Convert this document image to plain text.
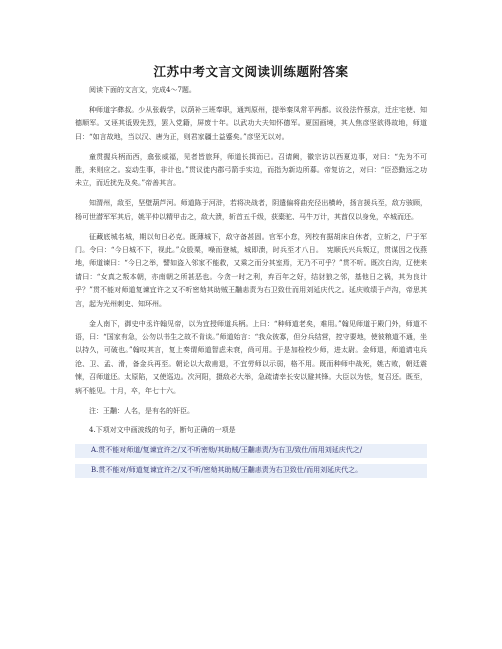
江苏中考文言文阅读训练题附答案

阅读下面的文言文，完成4～7题。

种师道字彝叔。少从张载学，以荫补三班奉职，通判原州，提举秦凤常平两都。议役法忤蔡京，迁庄宅使、知德顺军。又诬其诋毁先烈，罢入党籍，屏废十年。以武功大夫知怀德军。夏国画境，其人焦彦坚欲得故地，师道曰：“如言故地，当以汉、唐为正，则君家疆土益蹙矣。”彦坚无以对。

童贯握兵柄而西，翕张威福，见者皆旅拜，师道长揖而已。召请阙，徽宗访以西夏边事，对曰：“先为不可胜，来则应之。妄动生事，非计也。”贯议徙内郡弓箭手实边，而指为新边所募。帝复访之，对曰：“臣恐勤远之功未立，而近扰先及矣。”帝善其言。

知渭州，敌至，坚壁葫芦河。师道陈于河浒，若将决战者，阴遣偏将曲充径出横岭，扬言援兵至，敌方骇顾，杨可世潜军军其后，姚平仲以精甲击之，敌大溃，斩首五千级，获橐驼、马牛万计，其酋仅以身免，卒城而还。

征藏底城名城，期以旬日必克。既薄城下，敌守备甚固。官军小怠，列校有据胡床自休者，立斩之，尸于军门。令曰：“今日城不下，视此。”众股栗，噪而登城，城即溃，时兵至才八日。　宪顺氏兴兵叛辽，贯谋因之伐燕地，师道谏曰：“今日之举，譬如盗入邻家不能救，又乘之而分其室焉，无乃不可乎？”贯不听。既次白沟，辽使来请曰：“女真之叛本朝，亦南朝之所甚恶也。今贪一时之利，弃百年之好，结豺狼之邻，基他日之祸，其为良计乎？”贯不能对师道复谏宜许之又不听密劾其助贼王黼恚责为右卫致仕而用刘延庆代之。延庆败绩于卢沟，帝思其言，起为光州刺史、知环州。

金人南下，御史中丞许翰见帝，以为宜授师道兵柄。上曰：“种师道老矣，难用。”翰见师道于殿门外，师道不语，曰：“国家有急，公勿以书生之故不肯谈。”师道始言：“我众彼寡，但分兵结营，控守要地，使彼粮道不通，坐以持久，可破也。”翰叹其言，复上奏谓师道智虑未衰，尚可用。于是加检校少师，进太尉。金师退，师道请屯兵沧、卫、孟、滑，备金兵再至。朝论以大敌甫退，不宜劳师以示弱，格不用。既而种师中战死，姚古败，朝廷震悚，召师道还。太原陷，又使巡边。次河阳，摄敌必大举，急疏请幸长安以避其锋。大臣以为怯，复召还。既至，病不能见。十月，卒，年七十六。

注：王黼：人名，是有名的奸臣。

4.下项对文中画波线的句子，断句正确的一项是

A.贯不能对师道/复谏宜许之/又不听密劾/其助贼/王黼恚责/为右卫/致仕/而用刘延庆代之/

B.贯不能对/师道复谏宜许之/又不听/密劾其助贼/王黼恚责为右卫致仕/而用刘延庆代之。
